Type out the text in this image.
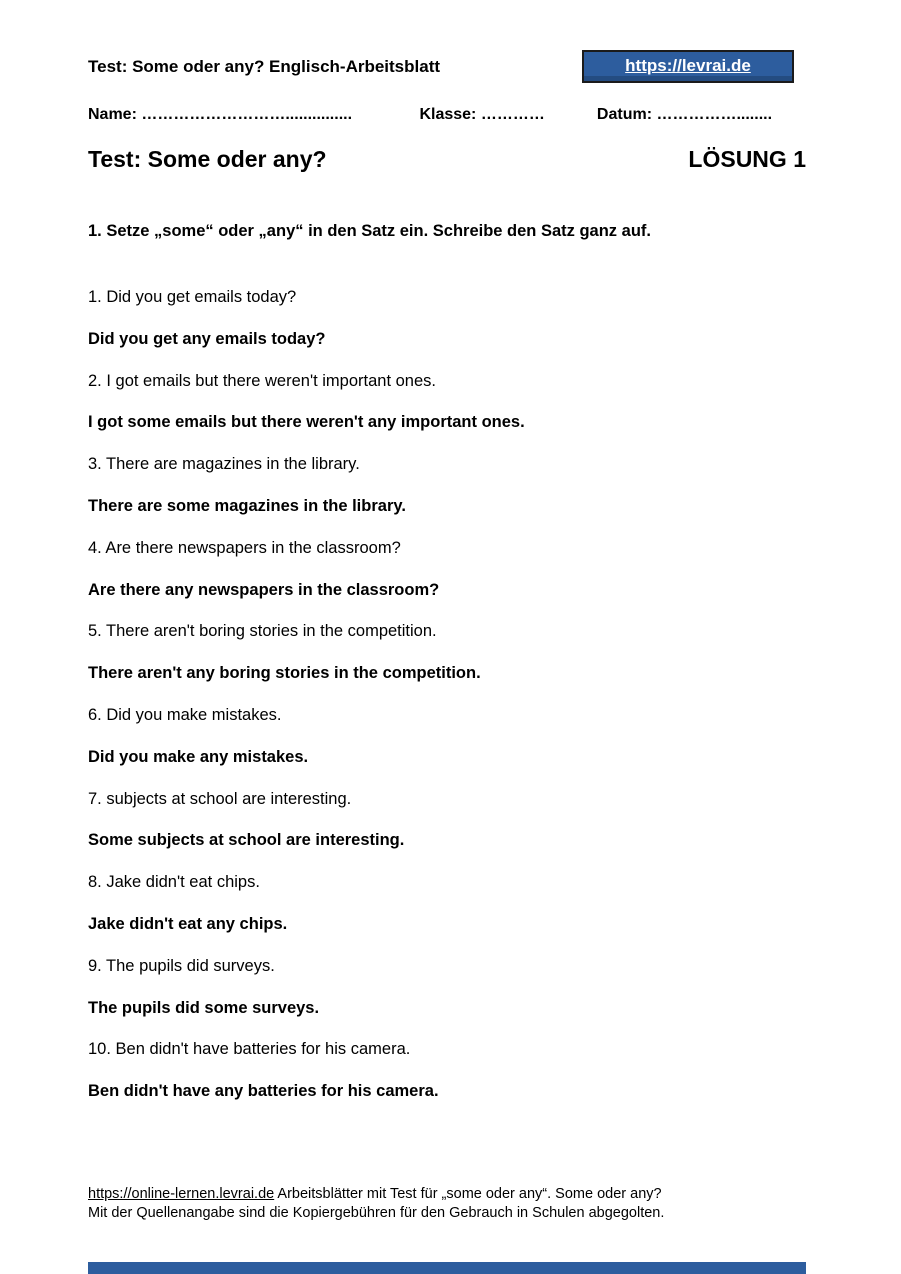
Test: Some oder any? Englisch-Arbeitsblatt	https://levrai.de
Name: ………………………...............	Klasse: …………	Datum: ……………........
Test: Some oder any?	LÖSUNG 1

1. Setze „some“ oder „any“ in den Satz ein. Schreibe den Satz ganz auf.

1. Did you get emails today?

Did you get any emails today?

2. I got emails but there weren't important ones.

I got some emails but there weren't any important ones.

3. There are magazines in the library.

There are some magazines in the library.

4. Are there newspapers in the classroom?

Are there any newspapers in the classroom?

5. There aren't boring stories in the competition.

There aren't any boring stories in the competition.

6. Did you make mistakes.

Did you make any mistakes.

7. subjects at school are interesting.

Some subjects at school are interesting.

8. Jake didn't eat chips.

Jake didn't eat any chips.

9. The pupils did surveys.

The pupils did some surveys.

10. Ben didn't have batteries for his camera.

Ben didn't have any batteries for his camera.

https://online-lernen.levrai.de Arbeitsblätter mit Test für „some oder any“. Some oder any?

Mit der Quellenangabe sind die Kopiergebühren für den Gebrauch in Schulen abgegolten.
